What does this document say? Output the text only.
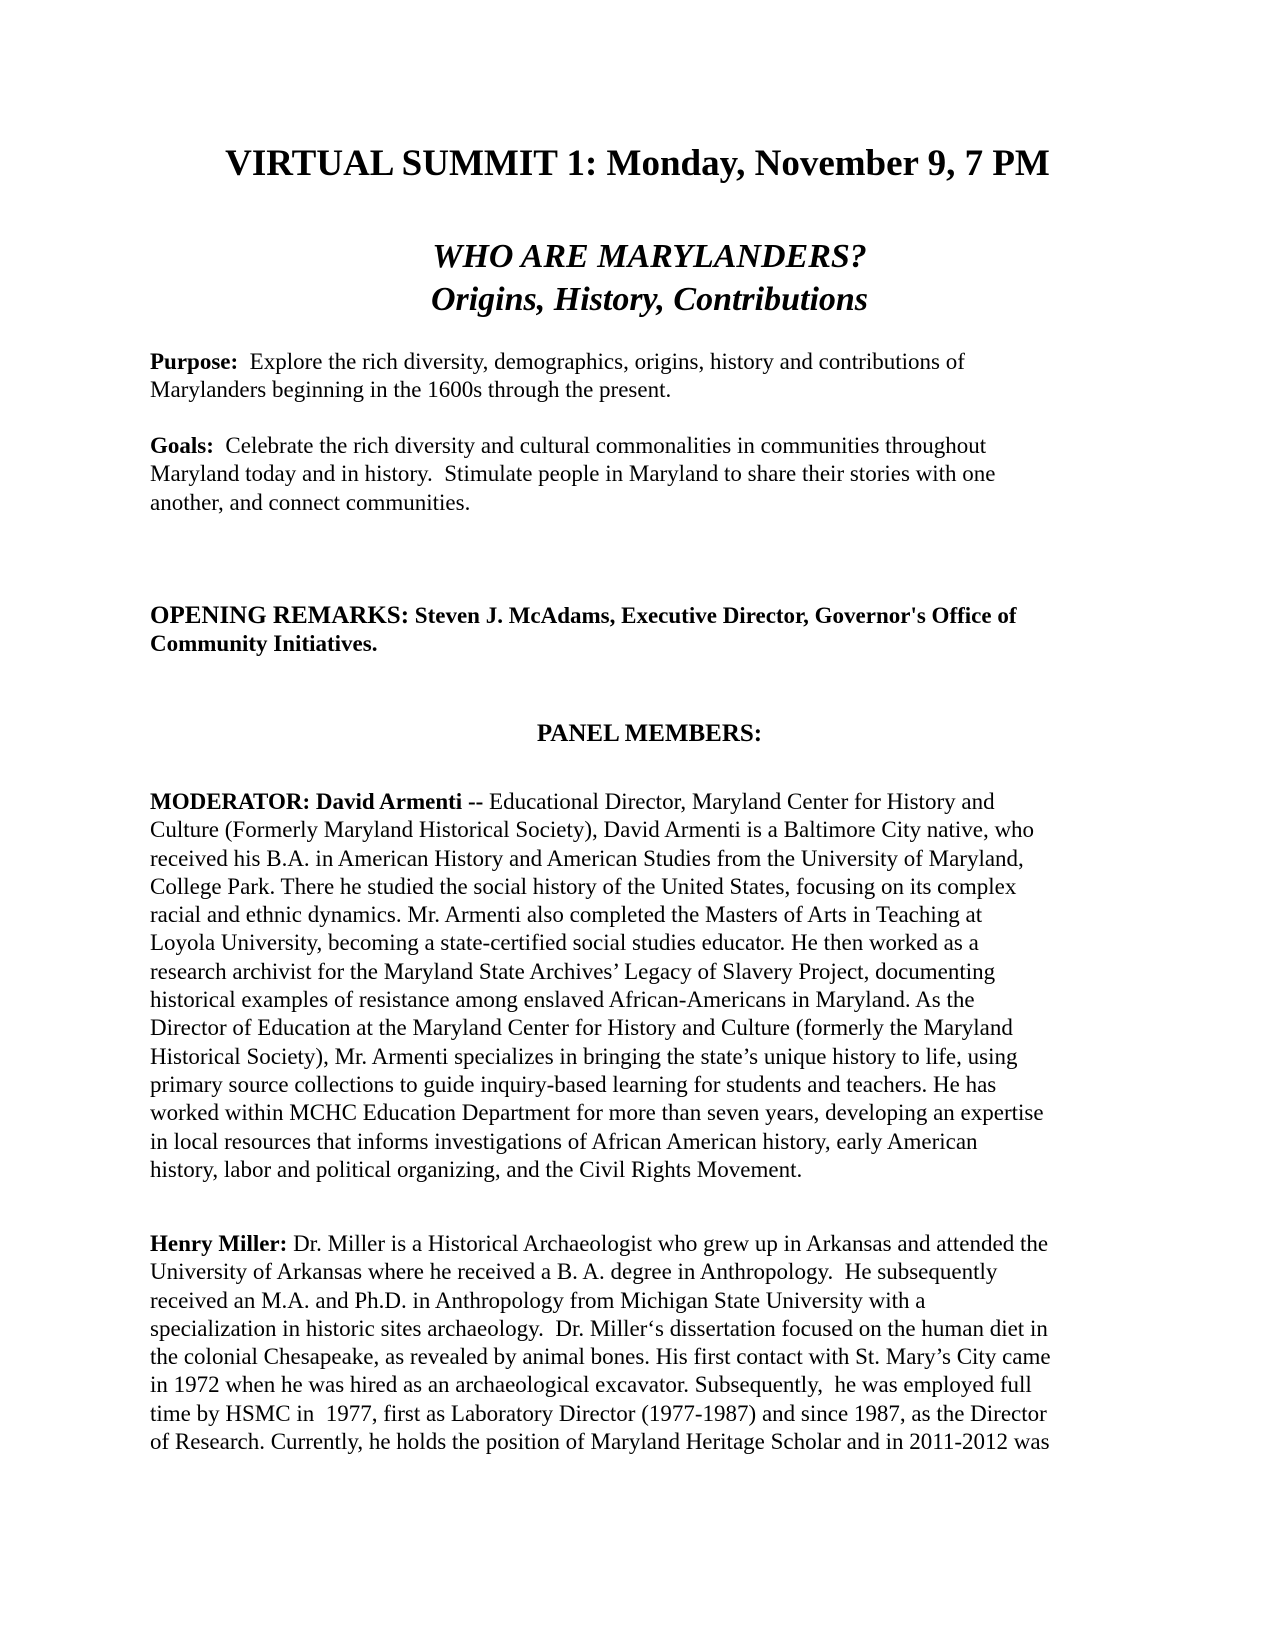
VIRTUAL SUMMIT 1: Monday, November 9, 7 PM
WHO ARE MARYLANDERS?
Origins, History, Contributions
Purpose:  Explore the rich diversity, demographics, origins, history and contributions of
Marylanders beginning in the 1600s through the present.
Goals:  Celebrate the rich diversity and cultural commonalities in communities throughout
Maryland today and in history.  Stimulate people in Maryland to share their stories with one
another, and connect communities.
OPENING REMARKS: Steven J. McAdams, Executive Director, Governor's Office of
Community Initiatives.
PANEL MEMBERS:
MODERATOR: David Armenti -- Educational Director, Maryland Center for History and
Culture (Formerly Maryland Historical Society), David Armenti is a Baltimore City native, who
received his B.A. in American History and American Studies from the University of Maryland,
College Park. There he studied the social history of the United States, focusing on its complex
racial and ethnic dynamics. Mr. Armenti also completed the Masters of Arts in Teaching at
Loyola University, becoming a state-certified social studies educator. He then worked as a
research archivist for the Maryland State Archives’ Legacy of Slavery Project, documenting
historical examples of resistance among enslaved African-Americans in Maryland. As the
Director of Education at the Maryland Center for History and Culture (formerly the Maryland
Historical Society), Mr. Armenti specializes in bringing the state’s unique history to life, using
primary source collections to guide inquiry-based learning for students and teachers. He has
worked within MCHC Education Department for more than seven years, developing an expertise
in local resources that informs investigations of African American history, early American
history, labor and political organizing, and the Civil Rights Movement.
Henry Miller: Dr. Miller is a Historical Archaeologist who grew up in Arkansas and attended the
University of Arkansas where he received a B. A. degree in Anthropology.  He subsequently
received an M.A. and Ph.D. in Anthropology from Michigan State University with a
specialization in historic sites archaeology.  Dr. Miller‘s dissertation focused on the human diet in
the colonial Chesapeake, as revealed by animal bones. His first contact with St. Mary’s City came
in 1972 when he was hired as an archaeological excavator. Subsequently,  he was employed full
time by HSMC in  1977, first as Laboratory Director (1977-1987) and since 1987, as the Director
of Research. Currently, he holds the position of Maryland Heritage Scholar and in 2011-2012 was
